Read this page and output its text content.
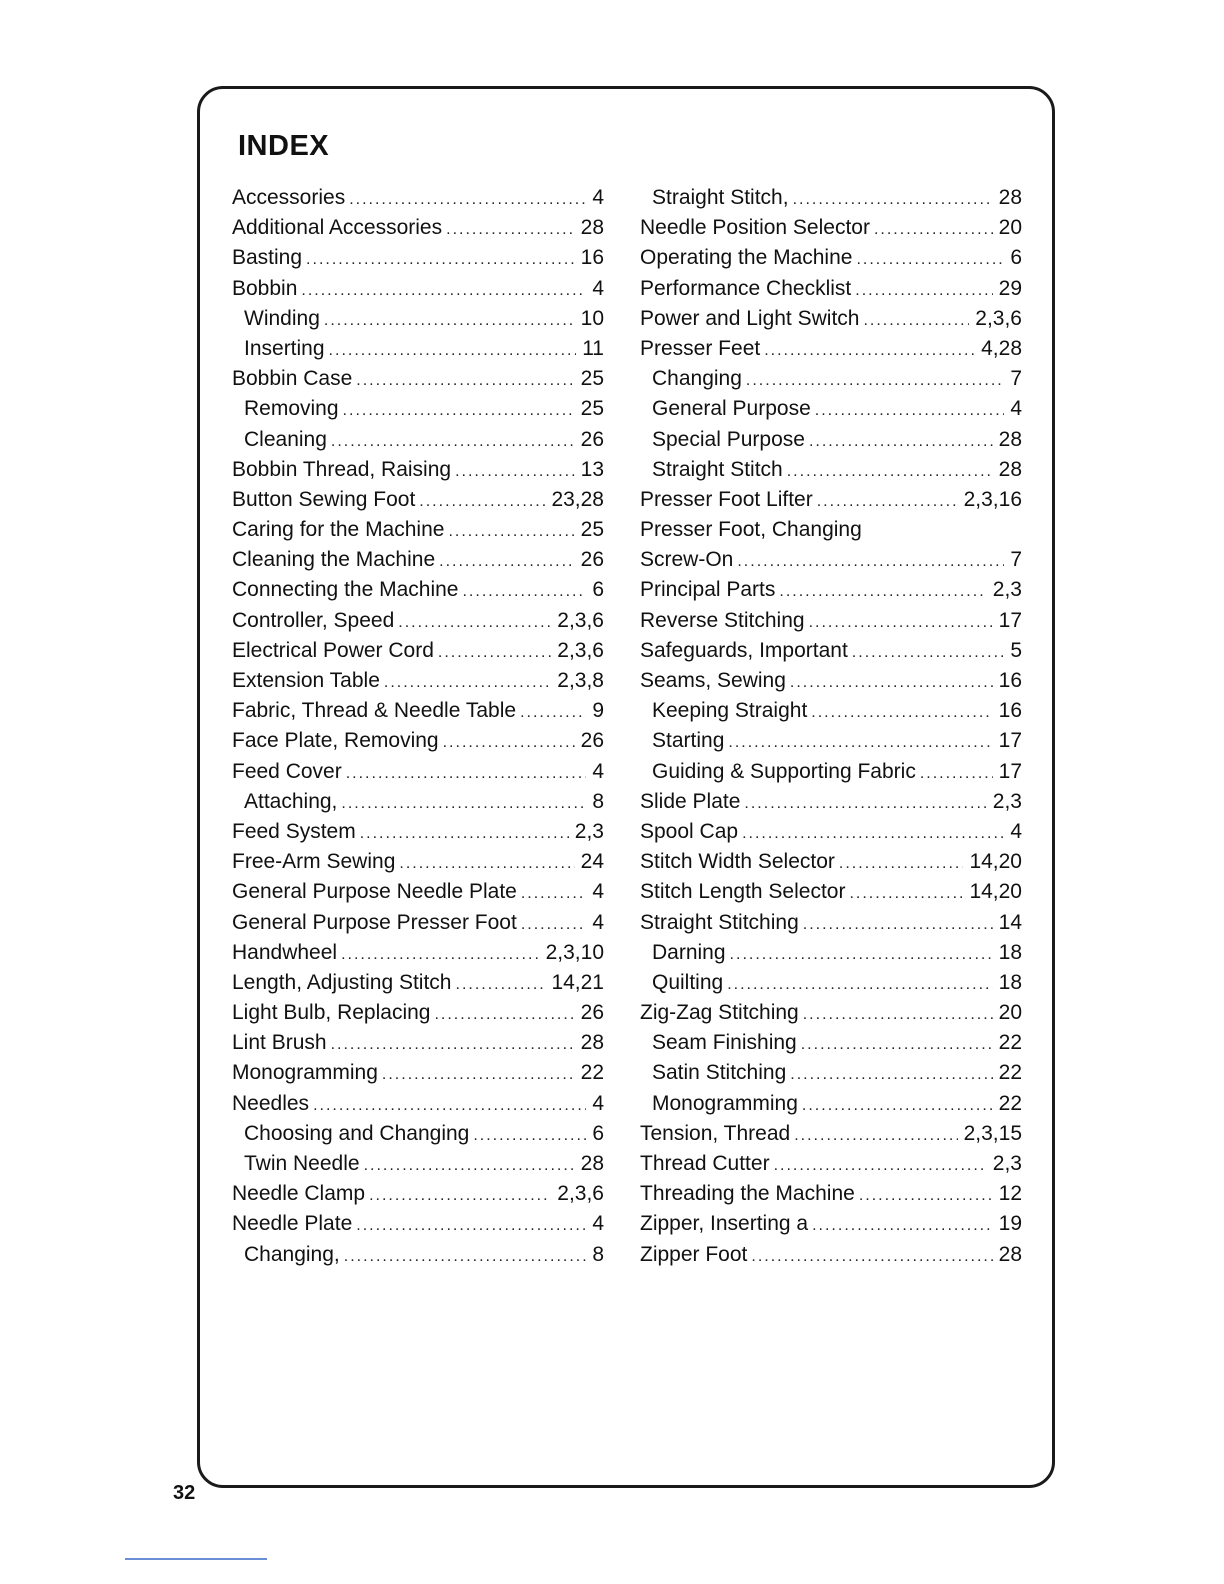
INDEX
Accessories .....	4
Additional Accessories .....	28
Basting .....	16
Bobbin .....	4
Winding .....	10
Inserting .....	11
Bobbin Case .....	25
Removing .....	25
Cleaning .....	26
Bobbin Thread, Raising .....	13
Button Sewing Foot .....	23,28
Caring for the Machine .....	25
Cleaning the Machine .....	26
Connecting the Machine .....	6
Controller, Speed .....	2,3,6
Electrical Power Cord .....	2,3,6
Extension Table .....	2,3,8
Fabric, Thread & Needle Table .....	9
Face Plate, Removing .....	26
Feed Cover .....	4
Attaching, .....	8
Feed System .....	2,3
Free-Arm Sewing .....	24
General Purpose Needle Plate .....	4
General Purpose Presser Foot .....	4
Handwheel .....	2,3,10
Length, Adjusting Stitch .....	14,21
Light Bulb, Replacing .....	26
Lint Brush .....	28
Monogramming .....	22
Needles .....	4
Choosing and Changing .....	6
Twin Needle .....	28
Needle Clamp .....	2,3,6
Needle Plate .....	4
Changing, .....	8
Straight Stitch, .....	28
Needle Position Selector .....	20
Operating the Machine .....	6
Performance Checklist .....	29
Power and Light Switch .....	2,3,6
Presser Feet .....	4,28
Changing .....	7
General Purpose .....	4
Special Purpose .....	28
Straight Stitch .....	28
Presser Foot Lifter .....	2,3,16
Presser Foot, Changing
Screw-On .....	7
Principal Parts .....	2,3
Reverse Stitching .....	17
Safeguards, Important .....	5
Seams, Sewing .....	16
Keeping Straight .....	16
Starting .....	17
Guiding & Supporting Fabric .....	17
Slide Plate .....	2,3
Spool Cap .....	4
Stitch Width Selector .....	14,20
Stitch Length Selector .....	14,20
Straight Stitching .....	14
Darning .....	18
Quilting .....	18
Zig-Zag Stitching .....	20
Seam Finishing .....	22
Satin Stitching .....	22
Monogramming .....	22
Tension, Thread .....	2,3,15
Thread Cutter .....	2,3
Threading the Machine .....	12
Zipper, Inserting a .....	19
Zipper Foot .....	28
32
